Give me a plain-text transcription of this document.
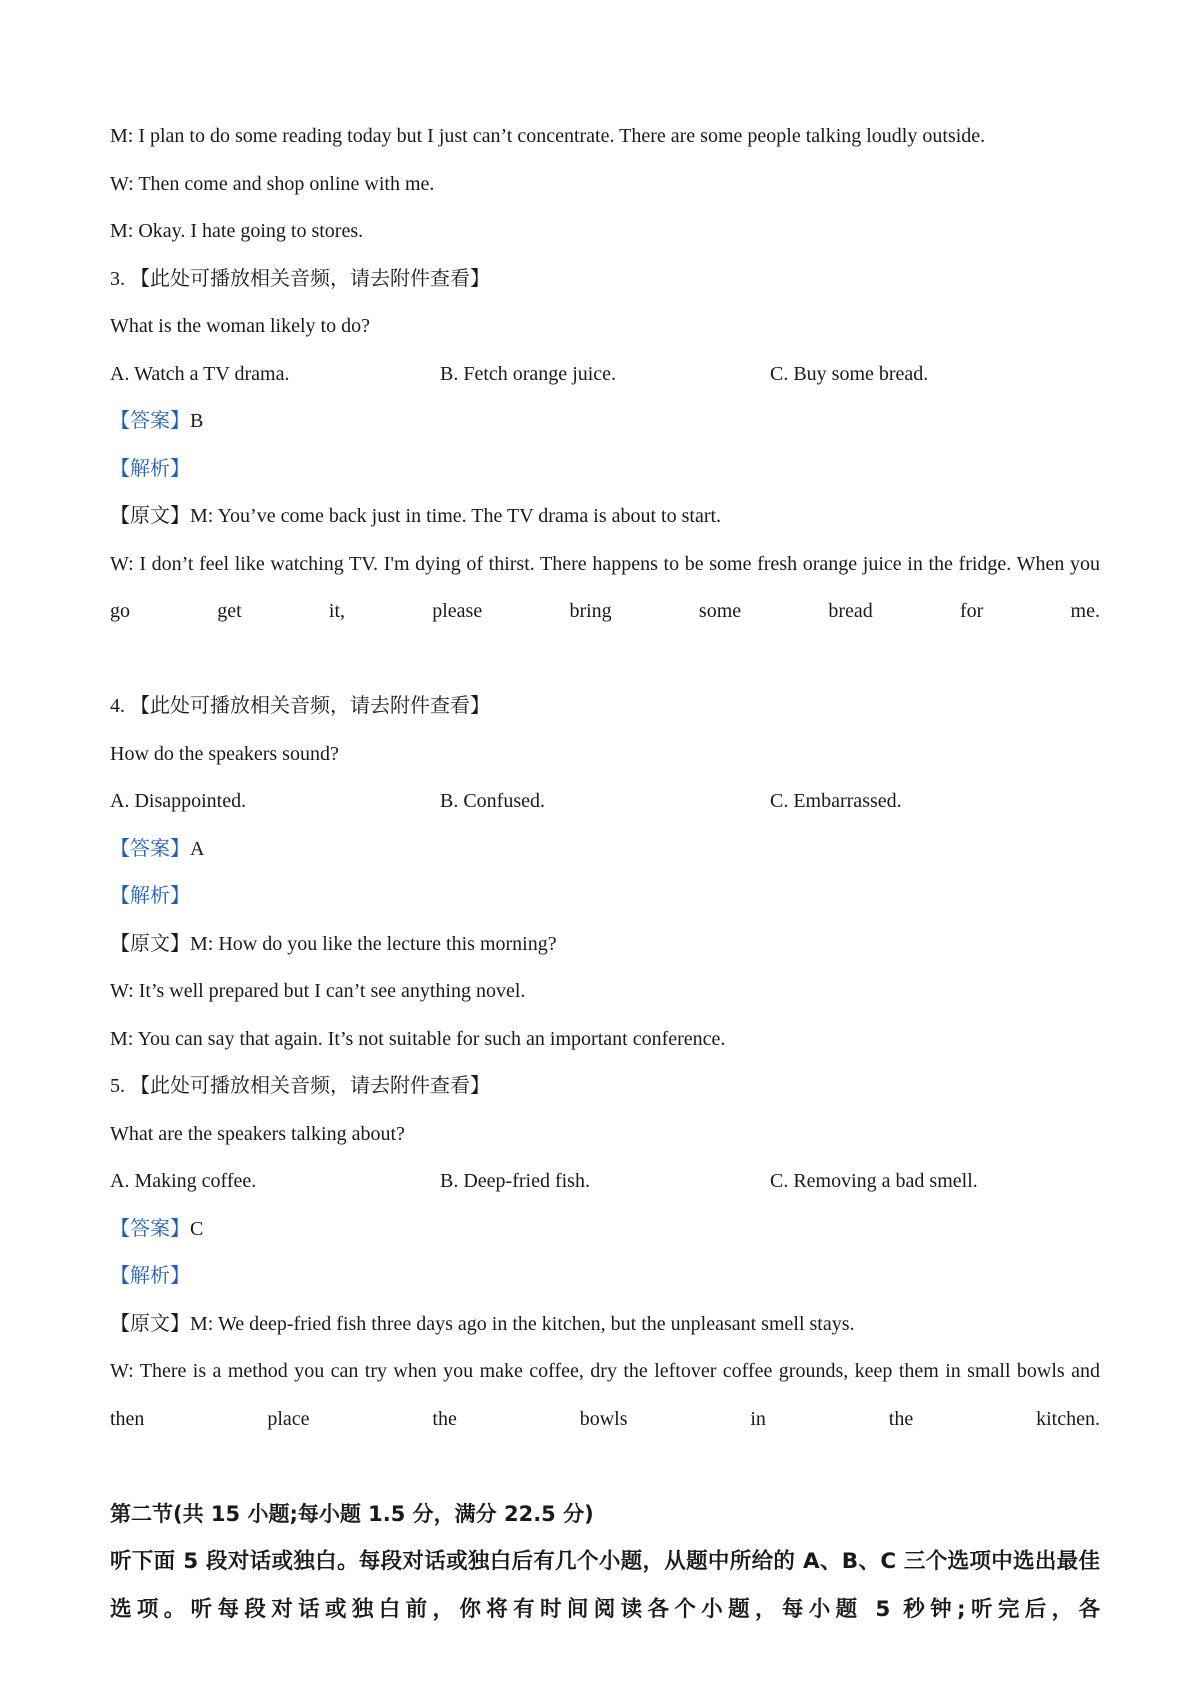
M: I plan to do some reading today but I just can’t concentrate. There are some people talking loudly outside.
W: Then come and shop online with me.
M: Okay. I hate going to stores.
3. 【此处可播放相关音频，请去附件查看】
What is the woman likely to do?
A. Watch a TV drama.	B. Fetch orange juice.	C. Buy some bread.
【答案】B
【解析】
【原文】M: You’ve come back just in time. The TV drama is about to start.
W: I don’t feel like watching TV. I'm dying of thirst. There happens to be some fresh orange juice in the fridge. When you go get it, please bring some bread for me.
4. 【此处可播放相关音频，请去附件查看】
How do the speakers sound?
A. Disappointed.	B. Confused.	C. Embarrassed.
【答案】A
【解析】
【原文】M: How do you like the lecture this morning?
W: It’s well prepared but I can’t see anything novel.
M: You can say that again. It’s not suitable for such an important conference.
5. 【此处可播放相关音频，请去附件查看】
What are the speakers talking about?
A. Making coffee.	B. Deep-fried fish.	C. Removing a bad smell.
【答案】C
【解析】
【原文】M: We deep-fried fish three days ago in the kitchen, but the unpleasant smell stays.
W: There is a method you can try when you make coffee, dry the leftover coffee grounds, keep them in small bowls and then place the bowls in the kitchen.
第二节(共 15 小题;每小题 1.5 分，满分 22.5 分)
听下面 5 段对话或独白。每段对话或独白后有几个小题，从题中所给的 A、B、C 三个选项中选出最佳选项。听每段对话或独白前，你将有时间阅读各个小题，每小题 5 秒钟;听完后，各
